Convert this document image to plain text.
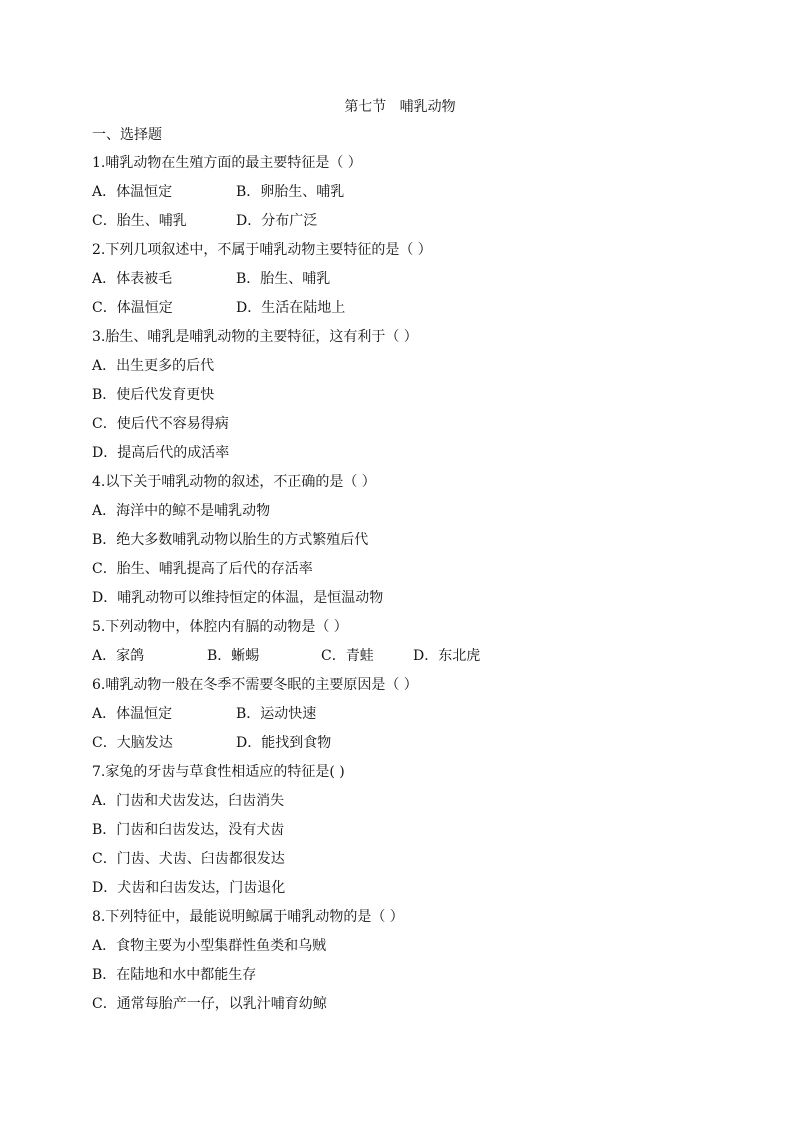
第七节   哺乳动物
一、选择题
1.哺乳动物在生殖方面的最主要特征是（ ）
A．体温恒定	B．卵胎生、哺乳
C．胎生、哺乳	D．分布广泛
2.下列几项叙述中，不属于哺乳动物主要特征的是（ ）
A．体表被毛	B．胎生、哺乳
C．体温恒定	D．生活在陆地上
3.胎生、哺乳是哺乳动物的主要特征，这有利于（ ）
A．出生更多的后代
B．使后代发育更快
C．使后代不容易得病
D．提高后代的成活率
4.以下关于哺乳动物的叙述，不正确的是（ ）
A．海洋中的鲸不是哺乳动物
B．绝大多数哺乳动物以胎生的方式繁殖后代
C．胎生、哺乳提高了后代的存活率
D．哺乳动物可以维持恒定的体温，是恒温动物
5.下列动物中，体腔内有膈的动物是（ ）
A．家鸽	B．蜥蜴	C．青蛙	D．东北虎
6.哺乳动物一般在冬季不需要冬眠的主要原因是（ ）
A．体温恒定	B．运动快速
C．大脑发达	D．能找到食物
7.家兔的牙齿与草食性相适应的特征是( )
A．门齿和犬齿发达，臼齿消失
B．门齿和臼齿发达，没有犬齿
C．门齿、犬齿、臼齿都很发达
D．犬齿和臼齿发达，门齿退化
8.下列特征中，最能说明鲸属于哺乳动物的是（ ）
A．食物主要为小型集群性鱼类和乌贼
B．在陆地和水中都能生存
C．通常每胎产一仔，以乳汁哺育幼鲸
